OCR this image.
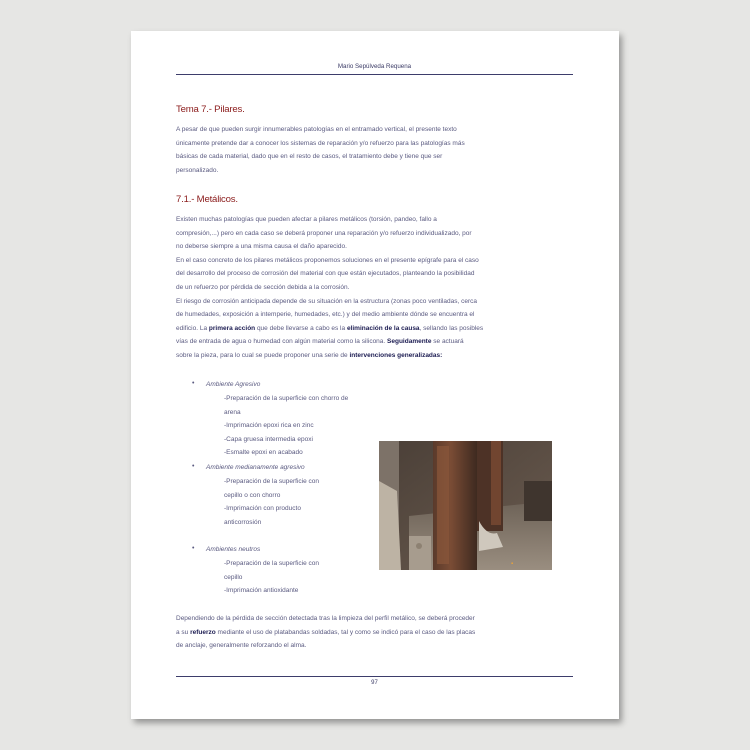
Mario Sepúlveda Requena
Tema 7.- Pilares.
A pesar de que pueden surgir innumerables patologías en el entramado vertical, el presente texto
únicamente pretende dar a conocer los sistemas de reparación y/o refuerzo para las patologías más
básicas de cada material, dado que en el resto de casos, el tratamiento debe y tiene que ser
personalizado.
7.1.- Metálicos.
Existen muchas patologías que pueden afectar a pilares metálicos (torsión, pandeo, fallo a
compresión,...) pero en cada caso se deberá proponer una reparación y/o refuerzo individualizado, por
no deberse siempre a una misma causa el daño aparecido.
En el caso concreto de los pilares metálicos proponemos soluciones en el presente epígrafe para el caso
del desarrollo del proceso de corrosión del material con que están ejecutados, planteando la posibilidad
de un refuerzo por pérdida de sección debida a la corrosión.
El riesgo de corrosión anticipada depende de su situación en la estructura (zonas poco ventiladas, cerca
de humedades, exposición a intemperie, humedades, etc.) y del medio ambiente dónde se encuentra el
edificio. La primera acción que debe llevarse a cabo es la eliminación de la causa, sellando las posibles
vías de entrada de agua o humedad con algún material como la silicona. Seguidamente se actuará
sobre la pieza, para lo cual se puede proponer una serie de intervenciones generalizadas:
• Ambiente Agresivo
-Preparación de la superficie con chorro de arena
-Imprimación epoxi rica en zinc
-Capa gruesa intermedia epoxi
-Esmalte epoxi en acabado
• Ambiente medianamente agresivo
-Preparación de la superficie con
cepillo o con chorro
-Imprimación con producto
anticorrosión
• Ambientes neutros
-Preparación de la superficie con
cepillo
-Imprimación antioxidante
▪
Dependiendo de la pérdida de sección detectada tras la limpieza del perfil metálico, se deberá proceder
a su refuerzo mediante el uso de platabandas soldadas, tal y como se indicó para el caso de las placas
de anclaje, generalmente reforzando el alma.
97
